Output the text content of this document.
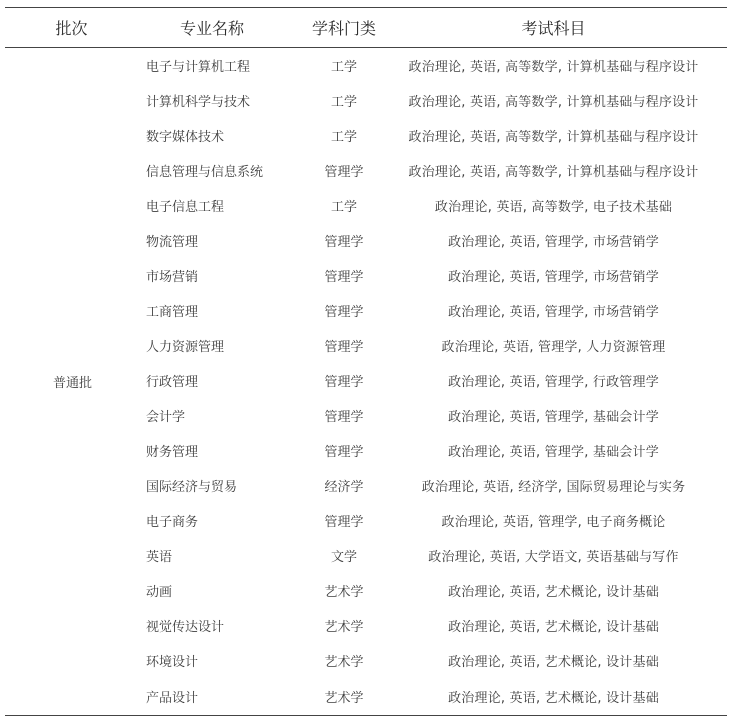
批次	专业名称	学科门类	考试科目
普通批	电子与计算机工程	工学	政治理论, 英语, 高等数学, 计算机基础与程序设计
	计算机科学与技术	工学	政治理论, 英语, 高等数学, 计算机基础与程序设计
	数字媒体技术	工学	政治理论, 英语, 高等数学, 计算机基础与程序设计
	信息管理与信息系统	管理学	政治理论, 英语, 高等数学, 计算机基础与程序设计
	电子信息工程	工学	政治理论, 英语, 高等数学, 电子技术基础
	物流管理	管理学	政治理论, 英语, 管理学, 市场营销学
	市场营销	管理学	政治理论, 英语, 管理学, 市场营销学
	工商管理	管理学	政治理论, 英语, 管理学, 市场营销学
	人力资源管理	管理学	政治理论, 英语, 管理学, 人力资源管理
	行政管理	管理学	政治理论, 英语, 管理学, 行政管理学
	会计学	管理学	政治理论, 英语, 管理学, 基础会计学
	财务管理	管理学	政治理论, 英语, 管理学, 基础会计学
	国际经济与贸易	经济学	政治理论, 英语, 经济学, 国际贸易理论与实务
	电子商务	管理学	政治理论, 英语, 管理学, 电子商务概论
	英语	文学	政治理论, 英语, 大学语文, 英语基础与写作
	动画	艺术学	政治理论, 英语, 艺术概论, 设计基础
	视觉传达设计	艺术学	政治理论, 英语, 艺术概论, 设计基础
	环境设计	艺术学	政治理论, 英语, 艺术概论, 设计基础
	产品设计	艺术学	政治理论, 英语, 艺术概论, 设计基础
